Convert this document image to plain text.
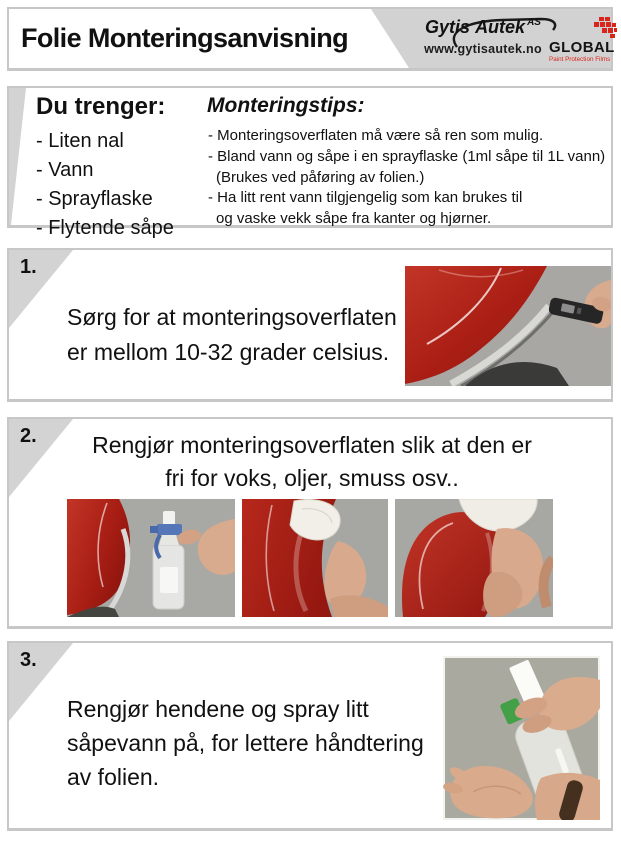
Folie Monteringsanvisning	Gytis Autek $^{AS}$
www.gytisautek.no GLOBAL
Paint Protection Films
Du trenger:
- Liten nal
- Vann
- Sprayflaske
- Flytende såpe
Monteringstips:
- Monteringsoverflaten må være så ren som mulig.
- Bland vann og såpe i en sprayflaske (1ml såpe til 1L vann)
(Brukes ved påføring av folien.)
- Ha litt rent vann tilgjengelig som kan brukes til
og vaske vekk såpe fra kanter og hjørner.
1.
Sørg for at monteringsoverflaten
er mellom 10-32 grader celsius.
2.	Rengjør monteringsoverflaten slik at den er
fri for voks, oljer, smuss osv..
3.
Rengjør hendene og spray litt
såpevann på, for lettere håndtering
av folien.
